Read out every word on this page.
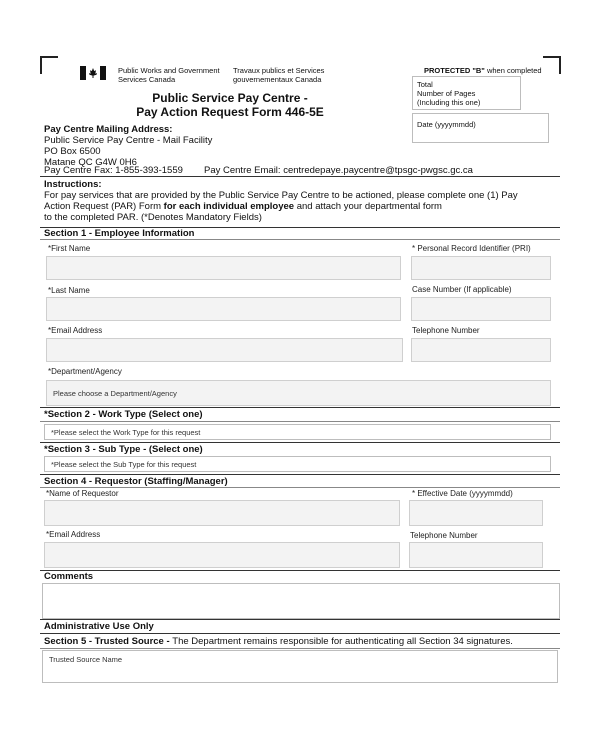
Public Works and Government
Services Canada
Travaux publics et Services
gouvernementaux Canada
PROTECTED "B" when completed
Total
Number of Pages
(Including this one)
Date (yyyymmdd)
Public Service Pay Centre -
Pay Action Request Form 446-5E
Pay Centre Mailing Address:
Public Service Pay Centre - Mail Facility
PO Box 6500
Matane QC G4W 0H6
Pay Centre Fax: 1-855-393-1559 Pay Centre Email: centredepaye.paycentre@tpsgc-pwgsc.gc.ca
Instructions:
For pay services that are provided by the Public Service Pay Centre to be actioned, please complete one (1) Pay
Action Request (PAR) Form for each individual employee and attach your departmental form
to the completed PAR. (*Denotes Mandatory Fields)
Section 1 - Employee Information
*First Name	* Personal Record Identifier (PRI)
*Last Name	Case Number (If applicable)
*Email Address	Telephone Number
*Department/Agency
Please choose a Department/Agency
*Section 2 - Work Type (Select one)
*Please select the Work Type for this request
*Section 3 - Sub Type - (Select one)
*Please select the Sub Type for this request
Section 4 - Requestor (Staffing/Manager)
*Name of Requestor	* Effective Date (yyyymmdd)
*Email Address	Telephone Number
Comments
Administrative Use Only
Section 5 - Trusted Source - The Department remains responsible for authenticating all Section 34 signatures.
Trusted Source Name
